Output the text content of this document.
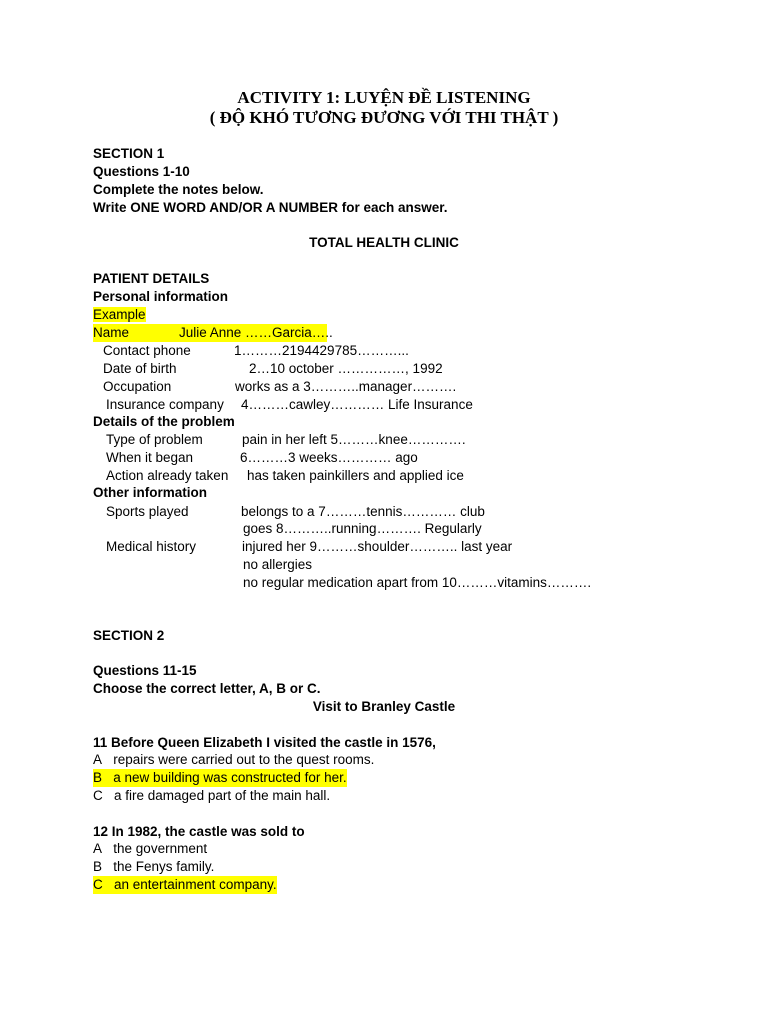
ACTIVITY 1: LUYỆN ĐỀ LISTENING
( ĐỘ KHÓ TƯƠNG ĐƯƠNG VỚI THI THẬT )
SECTION 1
Questions 1-10
Complete the notes below.
Write ONE WORD AND/OR A NUMBER for each answer.
TOTAL HEALTH CLINIC
PATIENT DETAILS
Personal information
Example
Name	Julie Anne ……Garcia…..
Contact phone	1………2194429785………...
Date of birth	2…10 october ……………, 1992
Occupation	works as a 3………..manager……….
Insurance company 4………cawley………… Life Insurance
Details of the problem
Type of problem	pain in her left 5………knee………….
When it began	6………3 weeks………… ago
Action already taken has taken painkillers and applied ice
Other information
Sports played	belongs to a 7………tennis………… club
goes 8………..running………. Regularly
Medical history	injured her 9………shoulder……….. last year
no allergies
no regular medication apart from 10………vitamins……….
SECTION 2
Questions 11-15
Choose the correct letter, A, B or C.
Visit to Branley Castle
11 Before Queen Elizabeth I visited the castle in 1576,
A repairs were carried out to the quest rooms.
B a new building was constructed for her.
C a fire damaged part of the main hall.
12 In 1982, the castle was sold to
A the government
B the Fenys family.
C an entertainment company.
